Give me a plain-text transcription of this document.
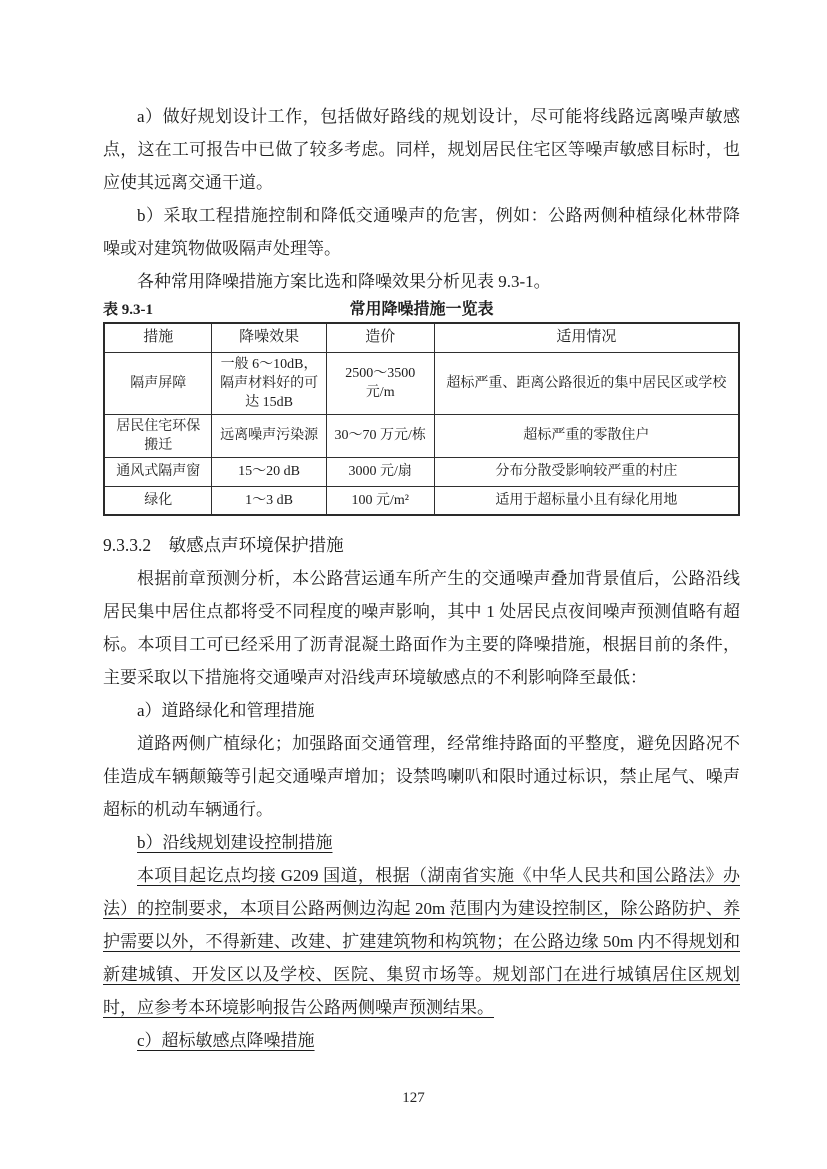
a）做好规划设计工作，包括做好路线的规划设计，尽可能将线路远离噪声敏感点，这在工可报告中已做了较多考虑。同样，规划居民住宅区等噪声敏感目标时，也应使其远离交通干道。

b）采取工程措施控制和降低交通噪声的危害，例如：公路两侧种植绿化林带降噪或对建筑物做吸隔声处理等。

各种常用降噪措施方案比选和降噪效果分析见表 9.3-1。

表 9.3-1	常用降噪措施一览表
措施	降噪效果	造价	适用情况
隔声屏障	一般 6～10dB，隔声材料好的可达 15dB	2500～3500 元/m	超标严重、距离公路很近的集中居民区或学校
居民住宅环保搬迁	远离噪声污染源	30～70 万元/栋	超标严重的零散住户
通风式隔声窗	15～20 dB	3000 元/扇	分布分散受影响较严重的村庄
绿化	1～3 dB	100 元/m²	适用于超标量小且有绿化用地

9.3.3.2　敏感点声环境保护措施

根据前章预测分析，本公路营运通车所产生的交通噪声叠加背景值后，公路沿线居民集中居住点都将受不同程度的噪声影响，其中 1 处居民点夜间噪声预测值略有超标。本项目工可已经采用了沥青混凝土路面作为主要的降噪措施，根据目前的条件，主要采取以下措施将交通噪声对沿线声环境敏感点的不利影响降至最低：

a）道路绿化和管理措施

道路两侧广植绿化；加强路面交通管理，经常维持路面的平整度，避免因路况不佳造成车辆颠簸等引起交通噪声增加；设禁鸣喇叭和限时通过标识，禁止尾气、噪声超标的机动车辆通行。

b）沿线规划建设控制措施

本项目起讫点均接 G209 国道，根据（湖南省实施《中华人民共和国公路法》办法）的控制要求，本项目公路两侧边沟起 20m 范围内为建设控制区，除公路防护、养护需要以外，不得新建、改建、扩建建筑物和构筑物；在公路边缘 50m 内不得规划和新建城镇、开发区以及学校、医院、集贸市场等。规划部门在进行城镇居住区规划时，应参考本环境影响报告公路两侧噪声预测结果。

c）超标敏感点降噪措施

127
